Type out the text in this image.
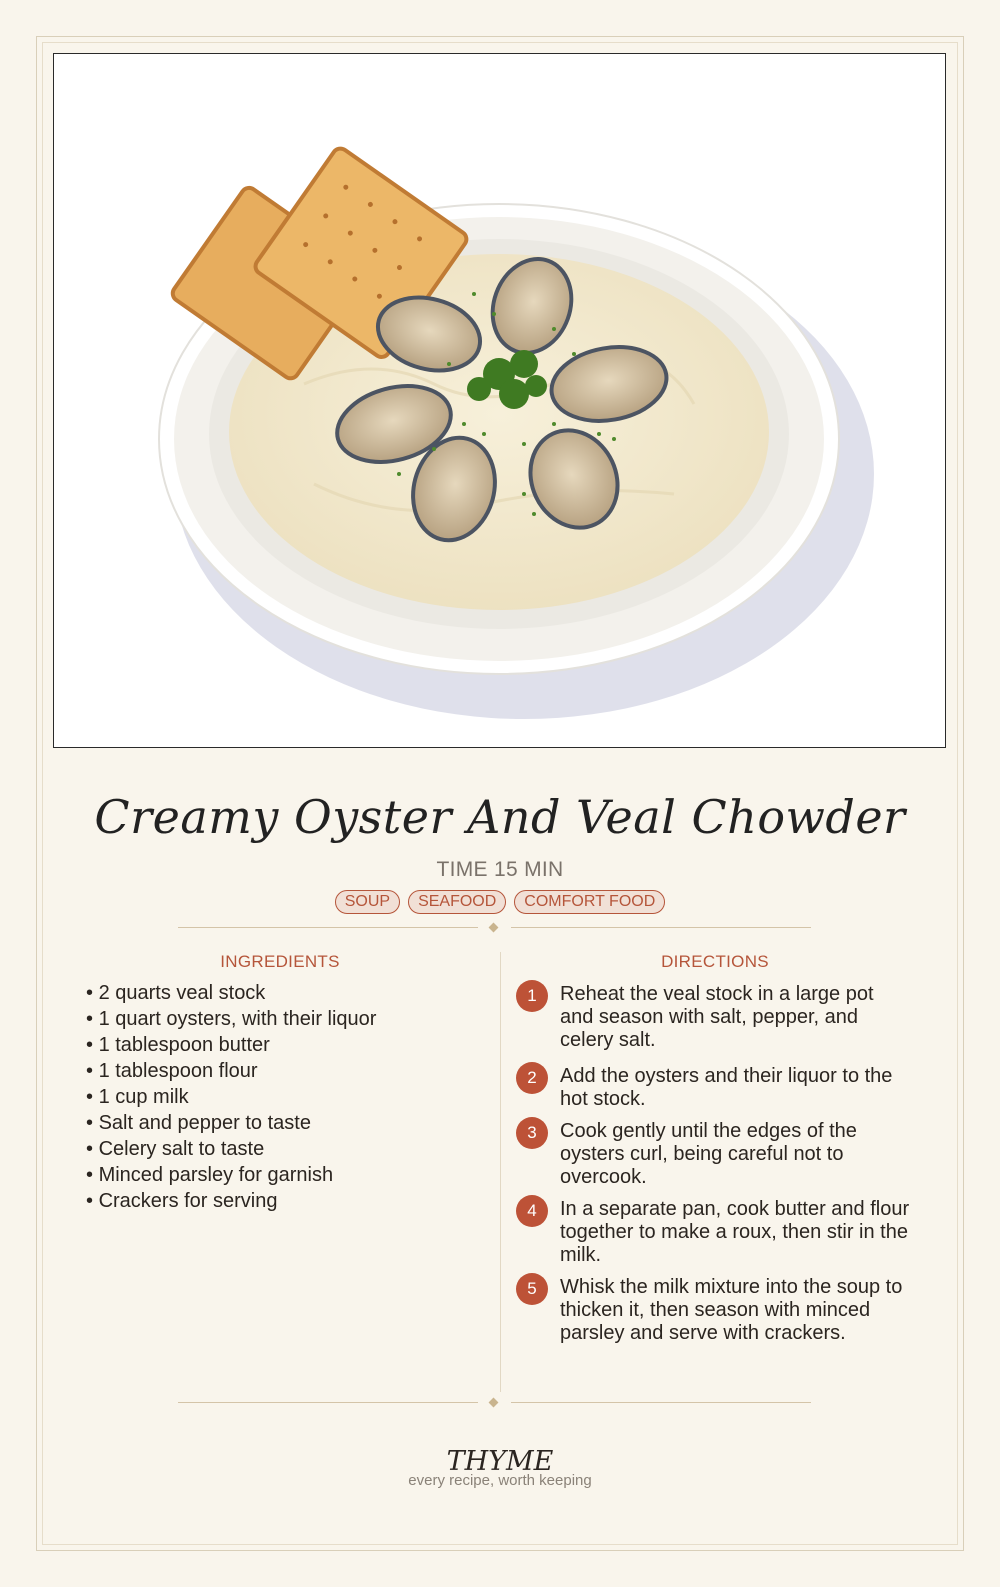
Creamy Oyster And Veal Chowder
TIME 15 MIN
SOUP	SEAFOOD	COMFORT FOOD
INGREDIENTS
• 2 quarts veal stock
• 1 quart oysters, with their liquor
• 1 tablespoon butter
• 1 tablespoon flour
• 1 cup milk
• Salt and pepper to taste
• Celery salt to taste
• Minced parsley for garnish
• Crackers for serving
DIRECTIONS
1	Reheat the veal stock in a large pot and season with salt, pepper, and celery salt.
2	Add the oysters and their liquor to the hot stock.
3	Cook gently until the edges of the oysters curl, being careful not to overcook.
4	In a separate pan, cook butter and flour together to make a roux, then stir in the milk.
5	Whisk the milk mixture into the soup to thicken it, then season with minced parsley and serve with crackers.
THYME
every recipe, worth keeping
